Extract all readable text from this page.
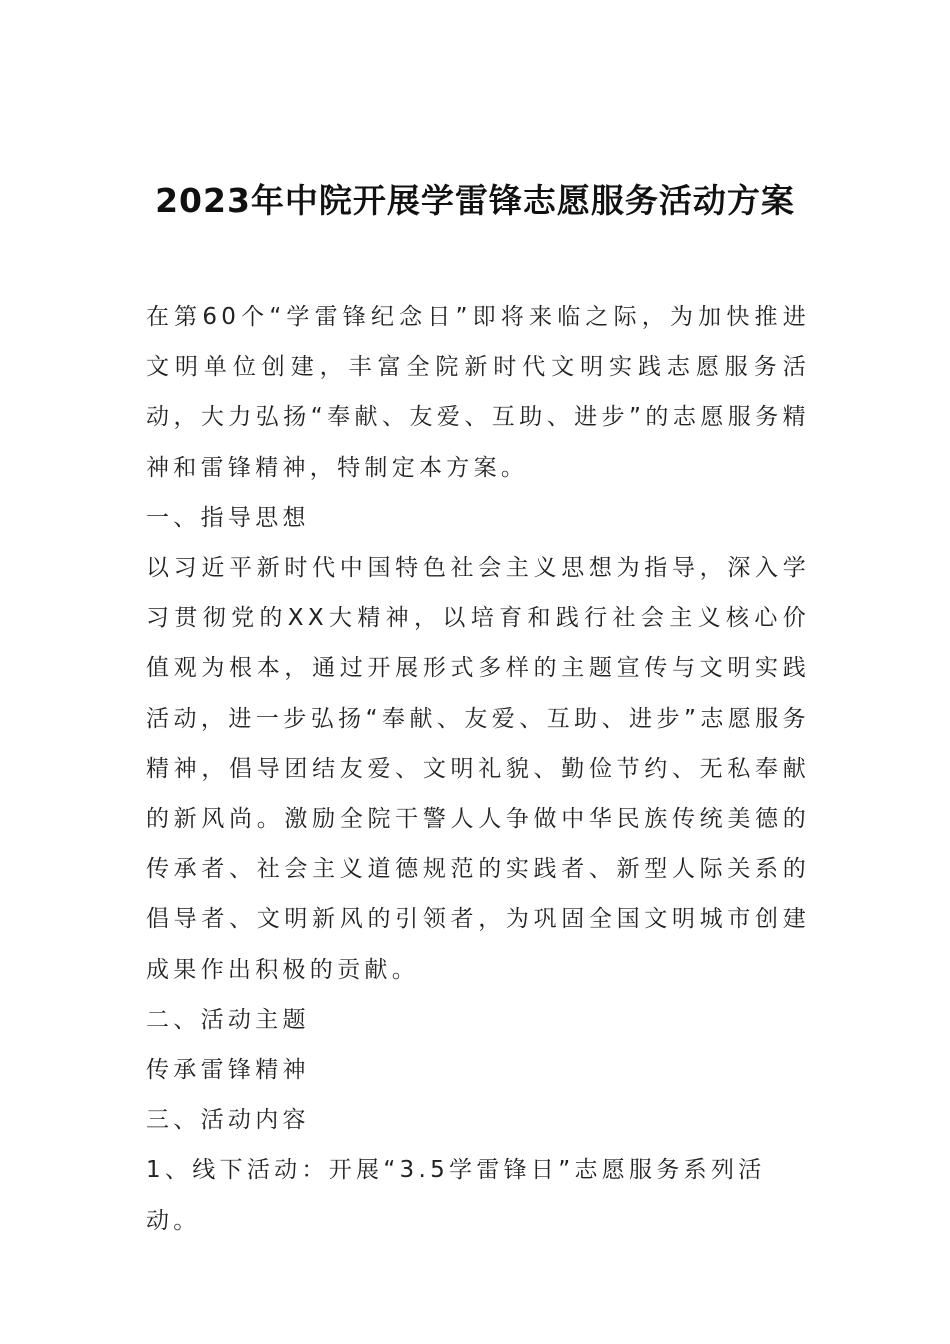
2023年中院开展学雷锋志愿服务活动方案

在第60个“学雷锋纪念日”即将来临之际，为加快推进文明单位创建，丰富全院新时代文明实践志愿服务活动，大力弘扬“奉献、友爱、互助、进步”的志愿服务精神和雷锋精神，特制定本方案。

一、指导思想

以习近平新时代中国特色社会主义思想为指导，深入学习贯彻党的XX大精神，以培育和践行社会主义核心价值观为根本，通过开展形式多样的主题宣传与文明实践活动，进一步弘扬“奉献、友爱、互助、进步”志愿服务精神，倡导团结友爱、文明礼貌、勤俭节约、无私奉献的新风尚。激励全院干警人人争做中华民族传统美德的传承者、社会主义道德规范的实践者、新型人际关系的倡导者、文明新风的引领者，为巩固全国文明城市创建成果作出积极的贡献。

二、活动主题

传承雷锋精神

三、活动内容

1、线下活动：开展“3.5学雷锋日”志愿服务系列活动。
